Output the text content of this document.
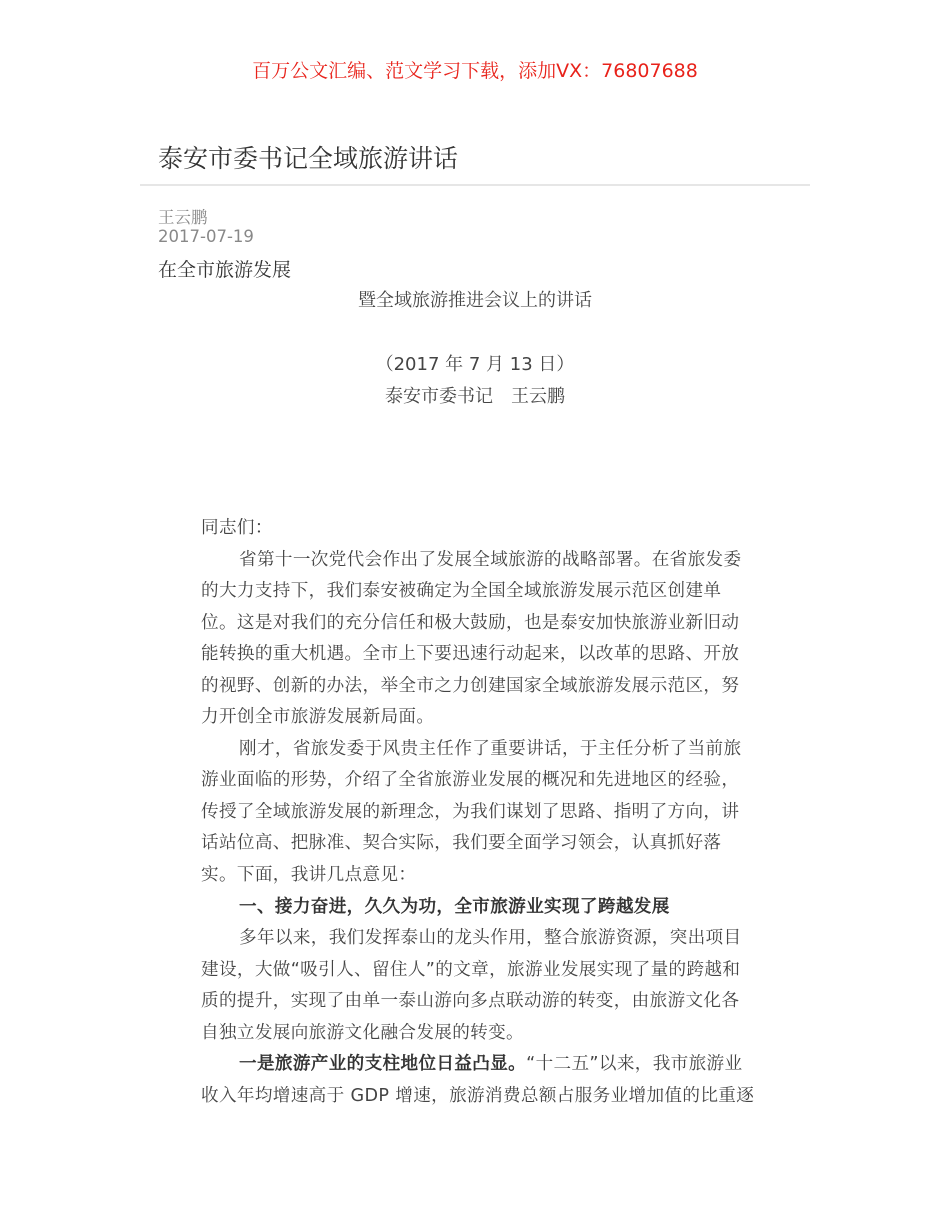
百万公文汇编、范文学习下载，添加VX：76807688
泰安市委书记全域旅游讲话
王云鹏
2017-07-19
在全市旅游发展
暨全域旅游推进会议上的讲话
（2017 年 7 月 13 日）
泰安市委书记　王云鹏
同志们：
省第十一次党代会作出了发展全域旅游的战略部署。在省旅发委
的大力支持下，我们泰安被确定为全国全域旅游发展示范区创建单
位。这是对我们的充分信任和极大鼓励，也是泰安加快旅游业新旧动
能转换的重大机遇。全市上下要迅速行动起来，以改革的思路、开放
的视野、创新的办法，举全市之力创建国家全域旅游发展示范区，努
力开创全市旅游发展新局面。
刚才，省旅发委于风贵主任作了重要讲话，于主任分析了当前旅
游业面临的形势，介绍了全省旅游业发展的概况和先进地区的经验，
传授了全域旅游发展的新理念，为我们谋划了思路、指明了方向，讲
话站位高、把脉准、契合实际，我们要全面学习领会，认真抓好落
实。下面，我讲几点意见：
一、接力奋进，久久为功，全市旅游业实现了跨越发展
多年以来，我们发挥泰山的龙头作用，整合旅游资源，突出项目
建设，大做“吸引人、留住人”的文章，旅游业发展实现了量的跨越和
质的提升，实现了由单一泰山游向多点联动游的转变，由旅游文化各
自独立发展向旅游文化融合发展的转变。
一是旅游产业的支柱地位日益凸显。“十二五”以来，我市旅游业
收入年均增速高于 GDP 增速，旅游消费总额占服务业增加值的比重逐
